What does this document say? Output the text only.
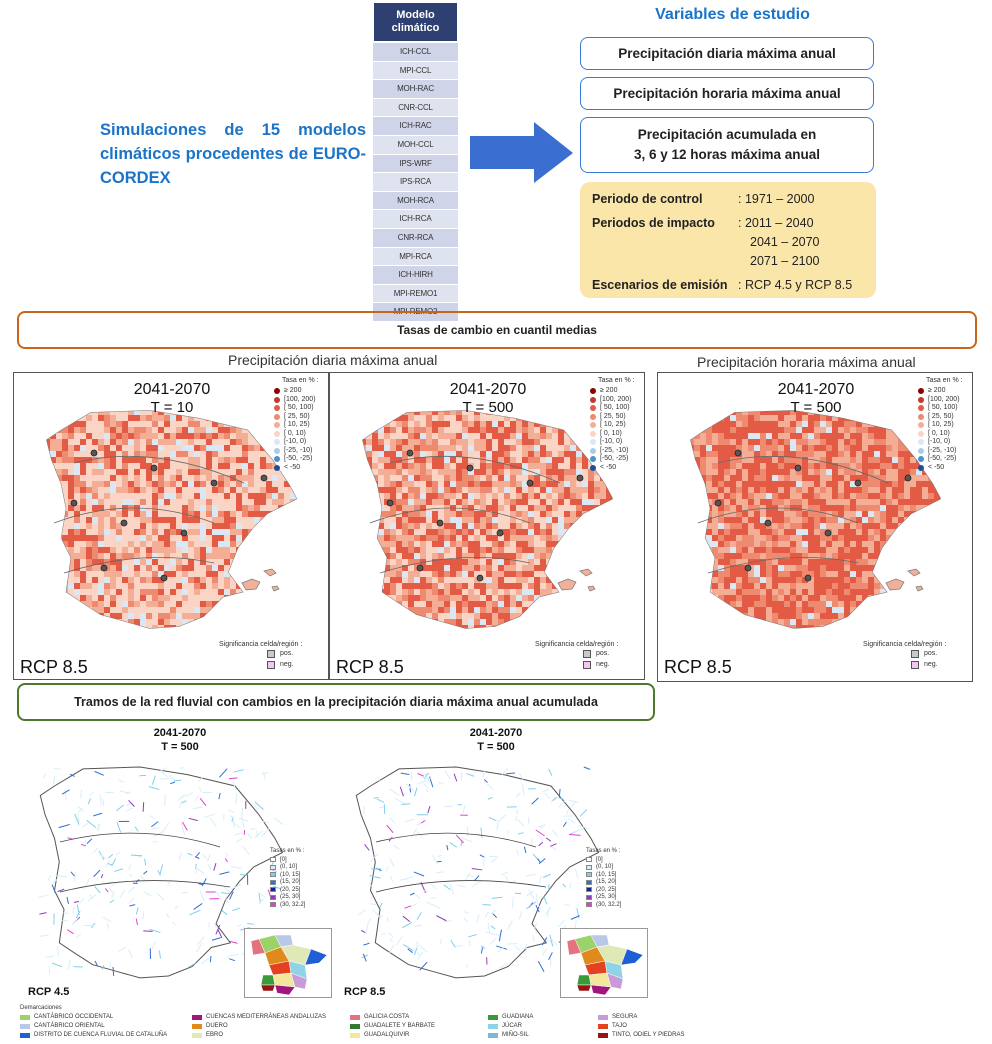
Modelo climático
ICH-CCL
MPI-CCL
MOH-RAC
CNR-CCL
ICH-RAC
MOH-CCL
IPS-WRF
IPS-RCA
MOH-RCA
ICH-RCA
CNR-RCA
MPI-RCA
ICH-HIRH
MPI-REMO1
MPI-REMO2
Simulaciones de 15 modelos climáticos procedentes de EURO-CORDEX
Variables de estudio
Precipitación diaria máxima anual
Precipitación horaria máxima anual
Precipitación acumulada en
3, 6 y 12 horas máxima anual
Periodo de control	: 1971 – 2000
Periodos de impacto : 2011 – 2040
2041 – 2070
2071 – 2100
Escenarios de emisión : RCP 4.5 y RCP 8.5
Tasas de cambio en cuantil medias
Precipitación diaria máxima anual	Precipitación horaria máxima anual
2041-2070
T = 10
RCP 8.5
Tasa en % :
≥ 200
[100, 200)
[ 50, 100)
[ 25, 50)
[ 10, 25)
[ 0, 10)
[-10, 0)
[-25, -10)
[-50, -25)
< -50
Significancia celda/región :
pos.
neg.
2041-2070
T = 500
RCP 8.5
Tasa en % :
≥ 200
[100, 200)
[ 50, 100)
[ 25, 50)
[ 10, 25)
[ 0, 10)
[-10, 0)
[-25, -10)
[-50, -25)
< -50
Significancia celda/región :
pos.
neg.
2041-2070
T = 500
RCP 8.5
Tasa en % :
≥ 200
[100, 200)
[ 50, 100)
[ 25, 50)
[ 10, 25)
[ 0, 10)
[-10, 0)
[-25, -10)
[-50, -25)
< -50
Significancia celda/región :
pos.
neg.
Tramos de la red fluvial con cambios en la precipitación diaria máxima anual acumulada
2041-2070
T = 500
RCP 4.5
Tasas en % :
[0]
(0, 10]
(10, 15]
(15, 20]
(20, 25]
(25, 30]
(30, 32.2]
2041-2070
T = 500
RCP 8.5
Tasas en % :
[0]
(0, 10]
(10, 15]
(15, 20]
(20, 25]
(25, 30]
(30, 32.2]
Demarcaciones
CANTÁBRICO OCCIDENTAL	CUENCAS MEDITERRÁNEAS ANDALUZAS	GALICIA COSTA	GUADIANA	SEGURA
CANTÁBRICO ORIENTAL	DUERO	GUADALETE Y BARBATE	JÚCAR	TAJO
DISTRITO DE CUENCA FLUVIAL DE CATALUÑA	EBRO	GUADALQUIVIR	MIÑO-SIL	TINTO, ODIEL Y PIEDRAS
